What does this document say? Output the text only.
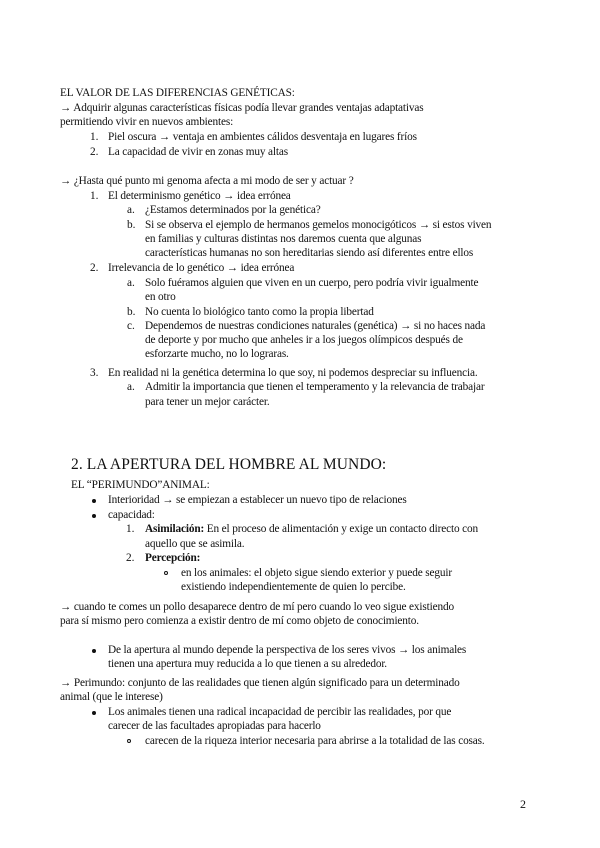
EL VALOR DE LAS DIFERENCIAS GENÉTICAS:
→ Adquirir algunas características físicas podía llevar grandes ventajas adaptativas
permitiendo vivir en nuevos ambientes:
1. Piel oscura → ventaja en ambientes cálidos desventaja en lugares fríos
2. La capacidad de vivir en zonas muy altas
→ ¿Hasta qué punto mi genoma afecta a mi modo de ser y actuar ?
1. El determinismo genético → idea errónea
a. ¿Estamos determinados por la genética?
b. Si se observa el ejemplo de hermanos gemelos monocigóticos → si estos viven
en familias y culturas distintas nos daremos cuenta que algunas
características humanas no son hereditarias siendo así diferentes entre ellos
2. Irrelevancia de lo genético → idea errónea
a. Solo fuéramos alguien que viven en un cuerpo, pero podría vivir igualmente
en otro
b. No cuenta lo biológico tanto como la propia libertad
c. Dependemos de nuestras condiciones naturales (genética) → si no haces nada
de deporte y por mucho que anheles ir a los juegos olímpicos después de
esforzarte mucho, no lo lograras.
3. En realidad ni la genética determina lo que soy, ni podemos despreciar su influencia.
a. Admitir la importancia que tienen el temperamento y la relevancia de trabajar
para tener un mejor carácter.
2. LA APERTURA DEL HOMBRE AL MUNDO:
EL “PERIMUNDO”ANIMAL:
Interioridad → se empiezan a establecer un nuevo tipo de relaciones
capacidad:
1. Asimilación: En el proceso de alimentación y exige un contacto directo con
aquello que se asimila.
2. Percepción:
en los animales: el objeto sigue siendo exterior y puede seguir
existiendo independientemente de quien lo percibe.
→ cuando te comes un pollo desaparece dentro de mí pero cuando lo veo sigue existiendo
para sí mismo pero comienza a existir dentro de mí como objeto de conocimiento.
De la apertura al mundo depende la perspectiva de los seres vivos → los animales
tienen una apertura muy reducida a lo que tienen a su alrededor.
→ Perimundo: conjunto de las realidades que tienen algún significado para un determinado
animal (que le interese)
Los animales tienen una radical incapacidad de percibir las realidades, por que
carecer de las facultades apropiadas para hacerlo
carecen de la riqueza interior necesaria para abrirse a la totalidad de las cosas.
2
